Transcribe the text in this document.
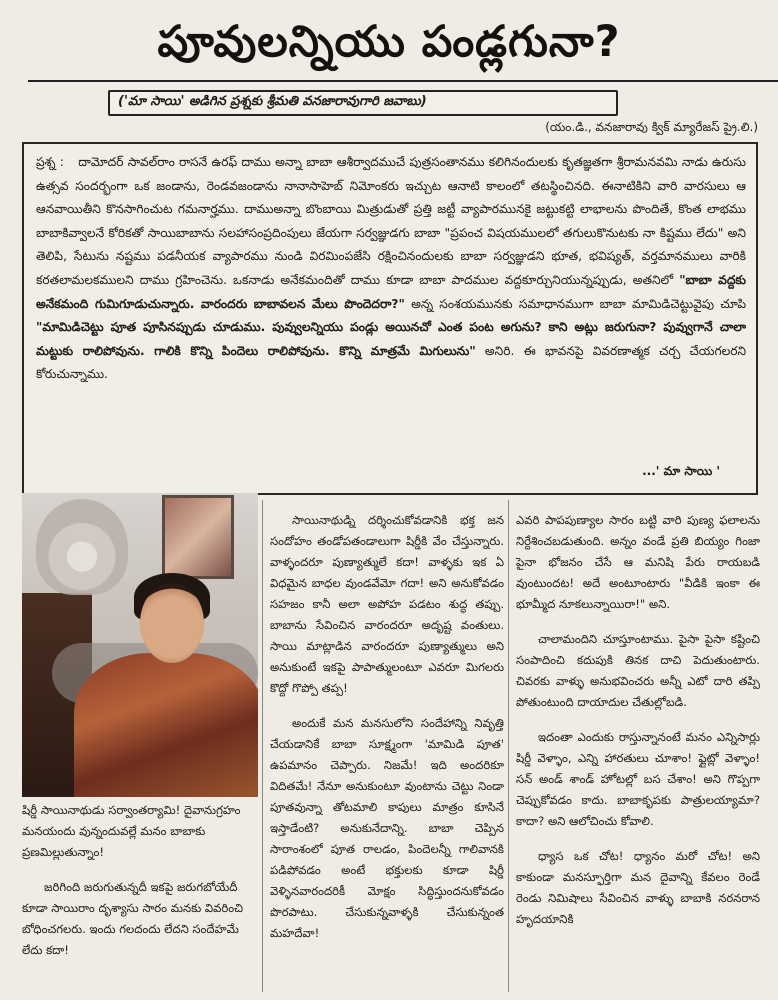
పూవులన్నియు పండ్లగునా?
('మా సాయి' అడిగిన ప్రశ్నకు శ్రీమతి వనజారావుగారి జవాబు)
(యం.డి., వనజారావు క్విక్ మ్యారేజస్ ప్రై.లి.)
ప్రశ్న : దామోదర్ సావల్‌రాం రాసనే ఉరఫ్ దాము అన్నా బాబా ఆశీర్వాదముచే పుత్రసంతానము కలిగినందులకు కృతజ్ఞతగా శ్రీరామనవమి నాడు ఉరుసు ఉత్సవ సందర్భంగా ఒక జండాను, రెండవజండాను నానాసాహెబ్ నిమోంకరు ఇచ్చుట ఆనాటి కాలంలో తటస్థించినది. ఈనాటికిని వారి వారసులు ఆ ఆనవాయితీని కొనసాగించుట గమనార్హము. దాముఅన్నా బొంబాయి మిత్రుడుతో ప్రత్తి జట్టీ వ్యాపారమునకై జట్టుకట్టి లాభాలను పొందితే, కొంత లాభము బాబాకివ్వాలనే కోరికతో సాయిబాబాను సలహాసంప్రదింపులు జేయగా సర్వజ్ఞుడగు బాబా "ప్రపంచ విషయములలో తగులుకొనుటకు నా కిష్టము లేదు" అని తెలిపి, సేటును నష్టము పడనీయక వ్యాపారము నుండి విరమింపజేసి రక్షించినందులకు బాబా సర్వజ్ఞుడని భూత, భవిష్యత్, వర్తమానములు వారికి కరతలామలకములని దాము గ్రహించెను. ఒకనాడు అనేకమందితో దాము కూడా బాబా పాదముల వద్దకూర్చునియున్నప్పుడు, అతనిలో "బాబా వద్దకు అనేకమంది గుమిగూడుచున్నారు. వారందరు బాబావలన మేలు పొందెదరా?" అన్న సంశయమునకు సమాధానముగా బాబా మామిడిచెట్టువైపు చూపి "మామిడిచెట్టు పూత పూసినప్పుడు చూడుము. పువ్వులన్నియు పండ్లు అయినచో ఎంత పంట అగును? కాని అట్లు జరుగునా? పువ్వుగానే చాలా మట్టుకు రాలిపోవును. గాలికి కొన్ని పిందెలు రాలిపోవును. కొన్ని మాత్రమే మిగులును" అనిరి. ఈ భావనపై వివరణాత్మక చర్చ చేయగలరని కోరుచున్నాము.
...' మా సాయి '

షిర్డీ సాయినాథుడు సర్వాంతర్యామి! దైవానుగ్రహం మనయందు వున్నందువల్లే మనం బాబాకు ప్రణమిల్లుతున్నాం!

జరిగింది జరుగుతున్నదీ ఇకపై జరుగబోయేదీ కూడా సాయిరాం దృశ్యాసు సారం మనకు వివరించి బోధించగలరు. ఇందు గలదందు లేదని సందేహమే లేదు కదా!

సాయినాథుడ్ని దర్శించుకోవడానికి భక్త జన సందోహం తండోపతండాలుగా షిర్డీకి వేం చేస్తున్నారు. వాళ్ళందరూ పుణ్యాత్ములే కదా! వాళ్ళకు ఇక ఏ విధమైన బాధల వుండవేమో గదా! అని అనుకోవడం సహజం కానీ అలా అపోహ పడటం శుద్ధ తప్పు. బాబాను సేవించిన వారందరూ అదృష్ట వంతులు. సాయి మాట్లాడిన వారందరూ పుణ్యాత్ములు అని అనుకుంటే ఇకపై పాపాత్ములంటూ ఎవరూ మిగలరు కొద్దో గొప్పో తప్ప!

అందుకే మన మనసులోని సందేహాన్ని నివృత్తి చేయడానికే బాబా సూక్ష్మంగా 'మామిడి పూత' ఉపమానం చెప్పారు. నిజమే! ఇది అందరికూ విదితమే! నేనూ అనుకుంటూ వుంటాను చెట్టు నిండా పూతవున్నా తోటమాలి కాపులు మాత్రం కూసినే ఇస్తాడేంటి? అనుకునేదాన్ని. బాబా చెప్పిన సారాంశంలో పూత రాలడం, పిందెలన్నీ గాలివానకి పడిపోవడం అంటే భక్తులకు కూడా షిర్డీ వెళ్ళినవారందరికీ మోక్షం సిద్ధిస్తుందనుకోవడం పొరపాటు. చేసుకున్నవాళ్ళకి చేసుకున్నంత మహదేవా!

ఎవరి పాపపుణ్యాల సారం బట్టి వారి పుణ్య ఫలాలను నిర్దేశించబడుతుంది. అన్నం వండే ప్రతి బియ్యం గింజా పైనా భోజనం చేసే ఆ మనిషి పేరు రాయబడి వుంటుందట! అదే అంటూంటారు "వీడికి ఇంకా ఈ భూమ్మీద నూకలున్నాయిరా!" అని.

చాలామందిని చూస్తూంటాము. పైసా పైసా కష్టించి సంపాదించి కదుపుకి తినక దాచి పెదుతుంటారు. చివరకు వాళ్ళు అనుభవించరు అన్నీ ఎటో దారి తప్పి పోతుంటుంది దాయాదుల చేతుల్లోబడి.

ఇదంతా ఎందుకు రాస్తున్నానంటే మనం ఎన్నిసార్లు షిర్డీ వెళ్ళాం, ఎన్ని హారతులు చూశాం! ఫ్లైట్లో వెళ్ళాం! సన్ అండ్ శాండ్ హోటల్లో బస చేశాం! అని గొప్పగా చెప్పుకోవడం కాదు. బాబాకృపకు పాత్రులయ్యామా? కాదా? అని ఆలోచించు కోవాలి.

ధ్యాస ఒక చోట! ధ్యానం మరో చోట! అని కాకుండా మనస్ఫూర్తిగా మన దైవాన్ని కేవలం రెండే రెండు నిమిషాలు సేవించిన వాళ్ళు బాబాకి నరనరాన హృదయానికి
